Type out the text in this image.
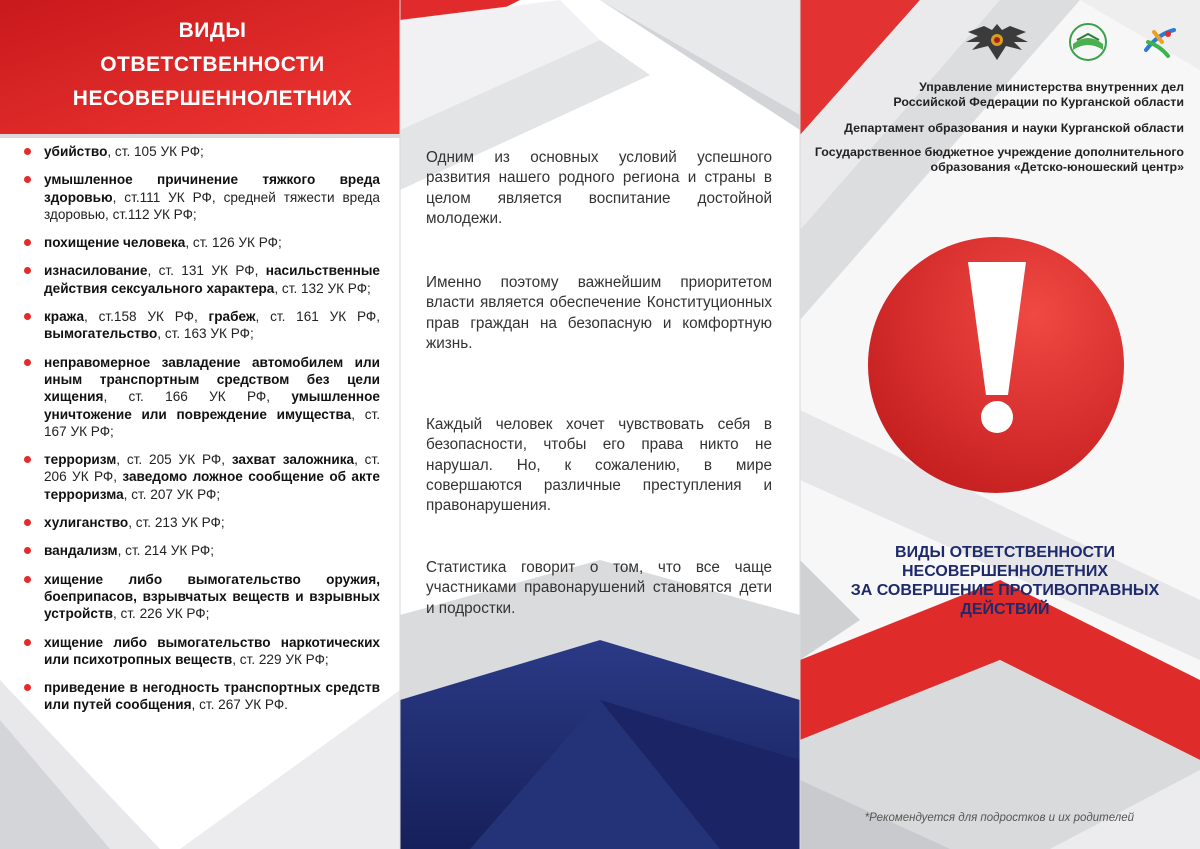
ВИДЫ
ОТВЕТСТВЕННОСТИ
НЕСОВЕРШЕННОЛЕТНИХ
убийство, ст. 105 УК РФ;
умышленное причинение тяжкого вреда здоровью, ст.111 УК РФ, средней тяжести вреда здоровью, ст.112 УК РФ;
похищение человека, ст. 126 УК РФ;
изнасилование, ст. 131 УК РФ, насильственные действия сексуального характера, ст. 132 УК РФ;
кража, ст.158 УК РФ, грабеж, ст. 161 УК РФ, вымогательство, ст. 163 УК РФ;
неправомерное завладение автомобилем или иным транспортным средством без цели хищения, ст. 166 УК РФ, умышленное уничтожение или повреждение имущества, ст. 167 УК РФ;
терроризм, ст. 205 УК РФ, захват заложника, ст. 206 УК РФ, заведомо ложное сообщение об акте терроризма, ст. 207 УК РФ;
хулиганство, ст. 213 УК РФ;
вандализм, ст. 214 УК РФ;
хищение либо вымогательство оружия, боеприпасов, взрывчатых веществ и взрывных устройств, ст. 226 УК РФ;
хищение либо вымогательство наркотических или психотропных веществ, ст. 229 УК РФ;
приведение в негодность транспортных средств или путей сообщения, ст. 267 УК РФ.

Одним из основных условий успешного развития нашего родного региона и страны в целом является воспитание достойной молодежи.

Именно поэтому важнейшим приоритетом власти является обеспечение Конституционных прав граждан на безопасную и комфортную жизнь.

Каждый человек хочет чувствовать себя в безопасности, чтобы его права никто не нарушал. Но, к сожалению, в мире совершаются различные преступления и правонарушения.

Статистика говорит о том, что все чаще участниками правонарушений становятся дети и подростки.

Управление министерства внутренних дел
Российской Федерации по Курганской области
Департамент образования и науки Курганской области
Государственное бюджетное учреждение дополнительного
образования «Детско-юношеский центр»
ВИДЫ ОТВЕТСТВЕННОСТИ
НЕСОВЕРШЕННОЛЕТНИХ
ЗА СОВЕРШЕНИЕ ПРОТИВОПРАВНЫХ
ДЕЙСТВИЙ
*Рекомендуется для подростков и их родителей
